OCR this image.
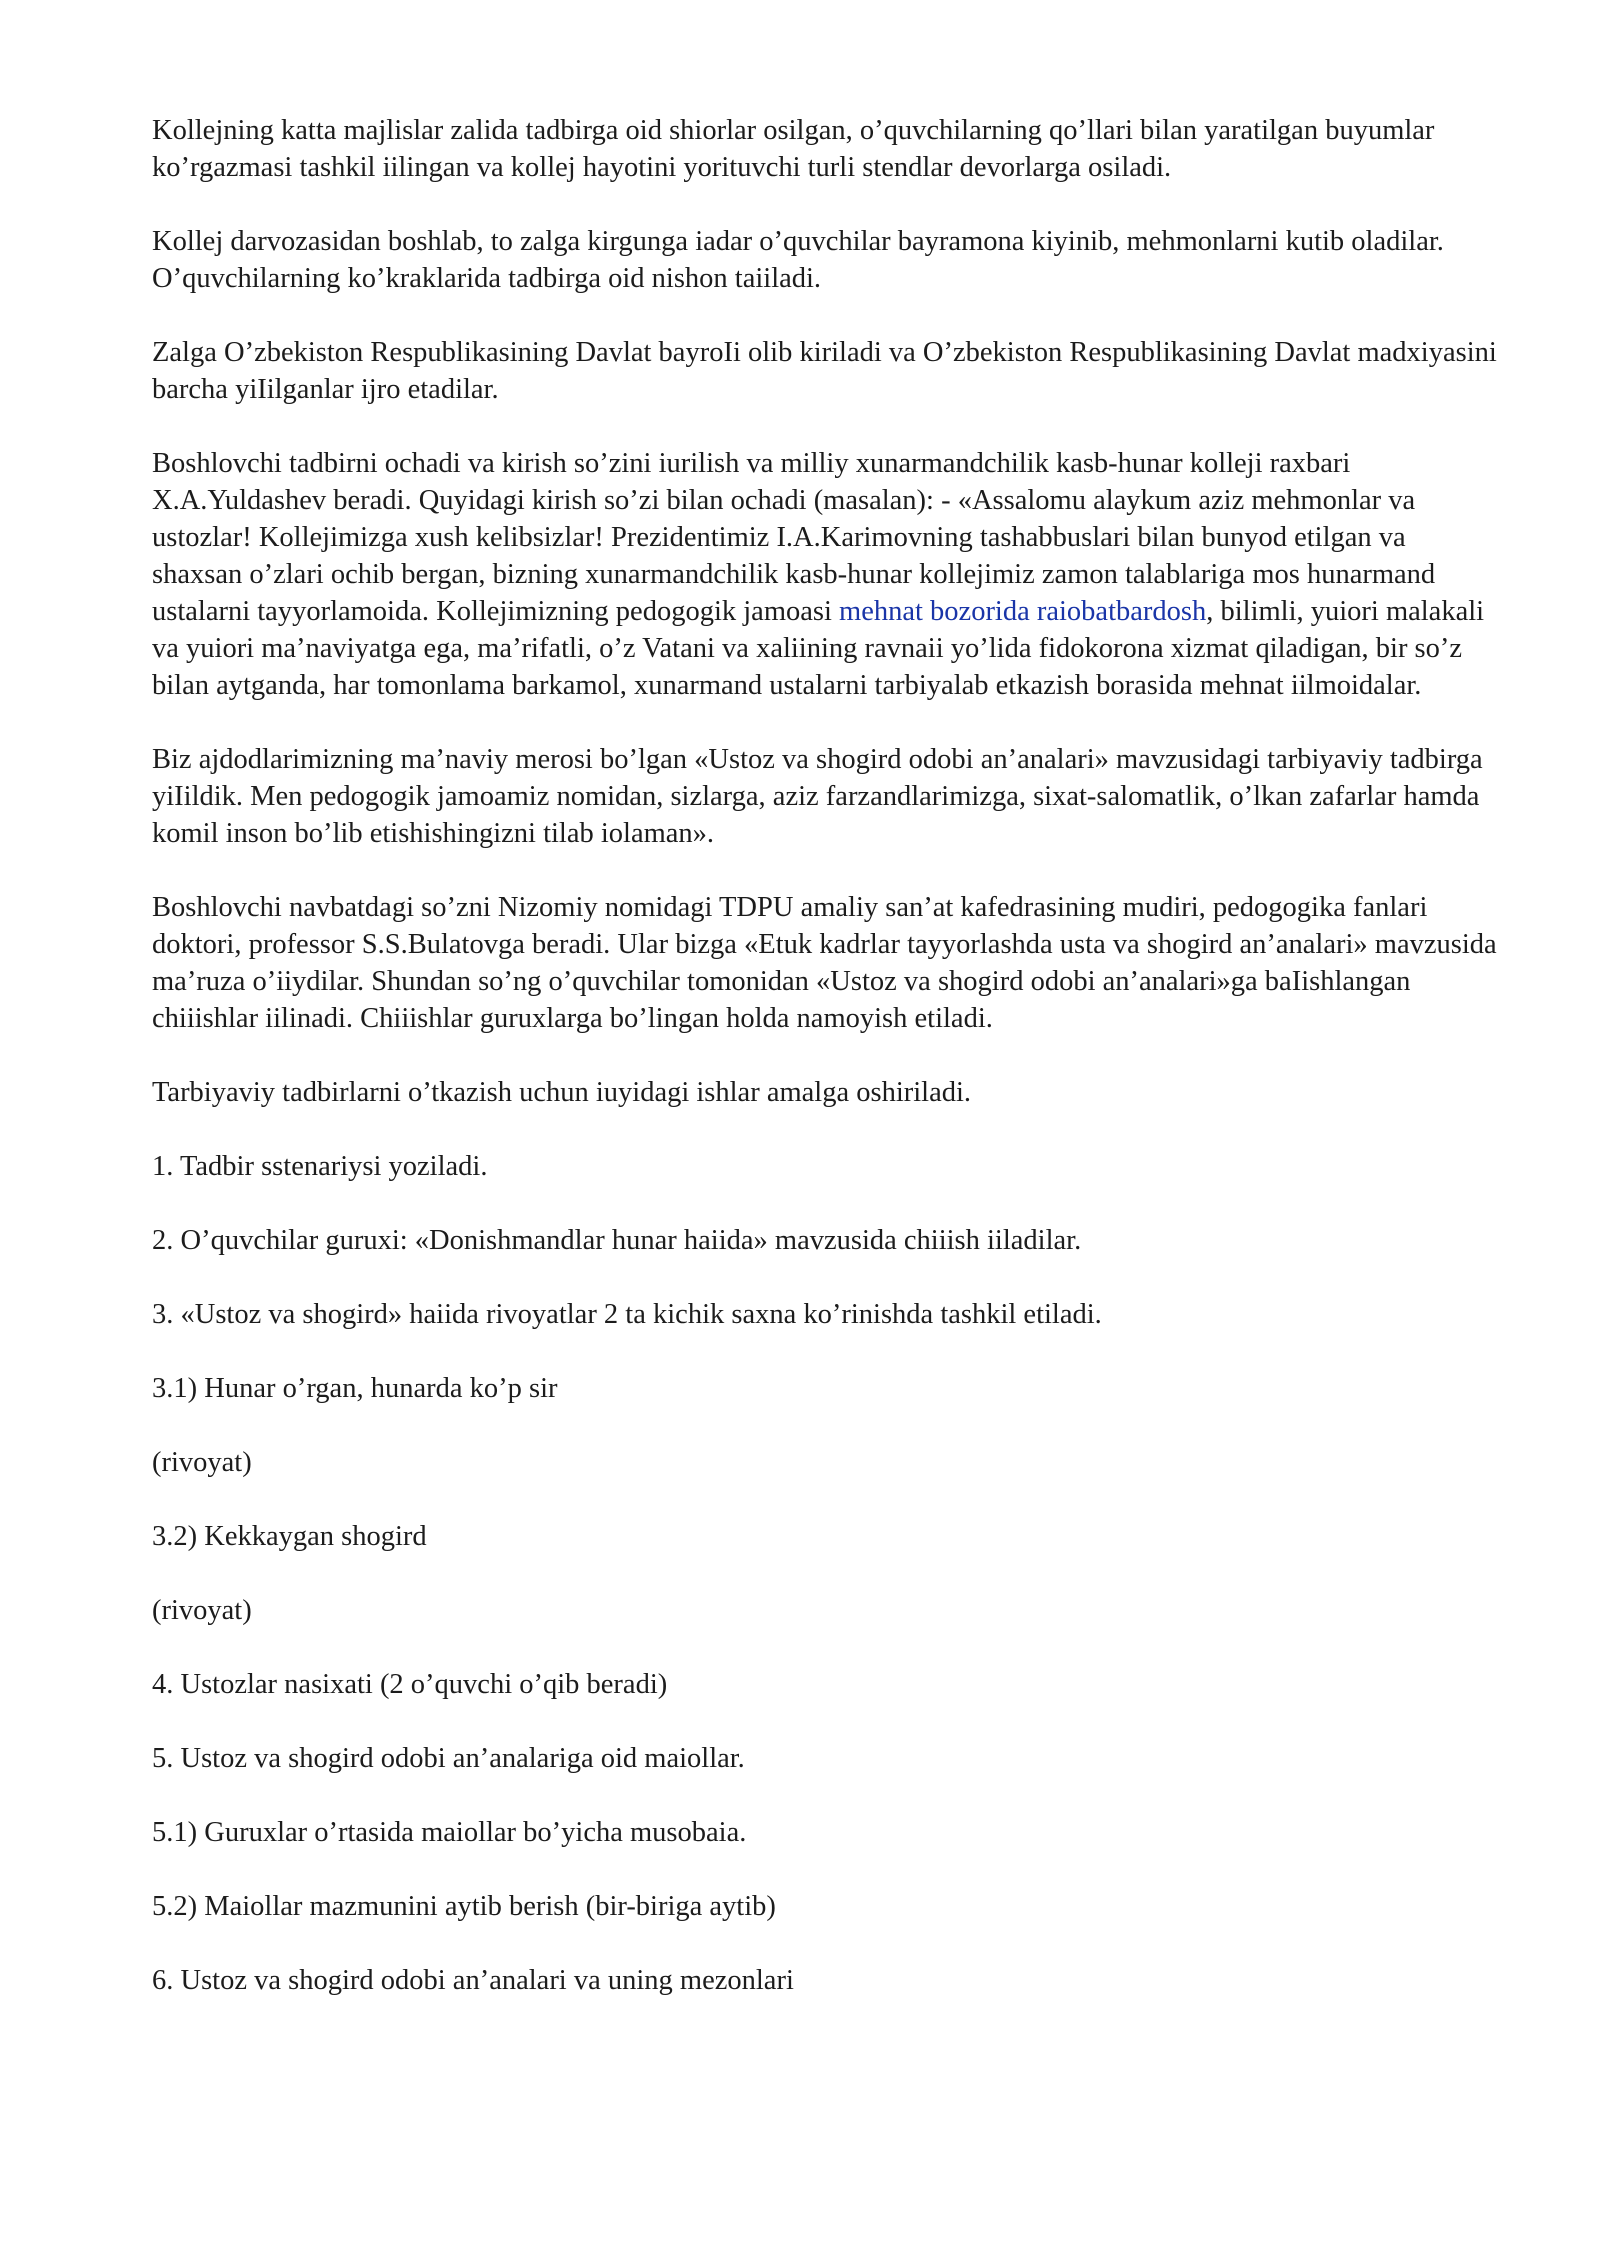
Kollejning katta majlislar zalida tadbirga oid shiorlar osilgan, o’quvchilarning qo’llari bilan yaratilgan buyumlar ko’rgazmasi tashkil iilingan va kollej hayotini yorituvchi turli stendlar devorlarga osiladi.

Kollej darvozasidan boshlab, to zalga kirgunga iadar o’quvchilar bayramona kiyinib, mehmonlarni kutib oladilar. O’quvchilarning ko’kraklarida tadbirga oid nishon taiiladi.

Zalga O’zbekiston Respublikasining Davlat bayroIi olib kiriladi va O’zbekiston Respublikasining Davlat madxiyasini barcha yiIilganlar ijro etadilar.

Boshlovchi tadbirni ochadi va kirish so’zini iurilish va milliy xunarmandchilik kasb-hunar kolleji raxbari X.A.Yuldashev beradi. Quyidagi kirish so’zi bilan ochadi (masalan): - «Assalomu alaykum aziz mehmonlar va ustozlar! Kollejimizga xush kelibsizlar! Prezidentimiz I.A.Karimovning tashabbuslari bilan bunyod etilgan va shaxsan o’zlari ochib bergan, bizning xunarmandchilik kasb-hunar kollejimiz zamon talablariga mos hunarmand ustalarni tayyorlamoida. Kollejimizning pedogogik jamoasi mehnat bozorida raiobatbardosh, bilimli, yuiori malakali va yuiori ma’naviyatga ega, ma’rifatli, o’z Vatani va xaliining ravnaii yo’lida fidokorona xizmat qiladigan, bir so’z bilan aytganda, har tomonlama barkamol, xunarmand ustalarni tarbiyalab etkazish borasida mehnat iilmoidalar.

Biz ajdodlarimizning ma’naviy merosi bo’lgan «Ustoz va shogird odobi an’analari» mavzusidagi tarbiyaviy tadbirga yiIildik. Men pedogogik jamoamiz nomidan, sizlarga, aziz farzandlarimizga, sixat-salomatlik, o’lkan zafarlar hamda komil inson bo’lib etishishingizni tilab iolaman».

Boshlovchi navbatdagi so’zni Nizomiy nomidagi TDPU amaliy san’at kafedrasining mudiri, pedogogika fanlari doktori, professor S.S.Bulatovga beradi. Ular bizga «Etuk kadrlar tayyorlashda usta va shogird an’analari» mavzusida ma’ruza o’iiydilar. Shundan so’ng o’quvchilar tomonidan «Ustoz va shogird odobi an’analari»ga baIishlangan chiiishlar iilinadi. Chiiishlar guruxlarga bo’lingan holda namoyish etiladi.

Tarbiyaviy tadbirlarni o’tkazish uchun iuyidagi ishlar amalga oshiriladi.

1. Tadbir sstenariysi yoziladi.

2. O’quvchilar guruxi: «Donishmandlar hunar haiida» mavzusida chiiish iiladilar.

3. «Ustoz va shogird» haiida rivoyatlar 2 ta kichik saxna ko’rinishda tashkil etiladi.

3.1) Hunar o’rgan, hunarda ko’p sir

(rivoyat)

3.2) Kekkaygan shogird

(rivoyat)

4. Ustozlar nasixati (2 o’quvchi o’qib beradi)

5. Ustoz va shogird odobi an’analariga oid maiollar.

5.1) Guruxlar o’rtasida maiollar bo’yicha musobaia.

5.2) Maiollar mazmunini aytib berish (bir-biriga aytib)

6. Ustoz va shogird odobi an’analari va uning mezonlari
